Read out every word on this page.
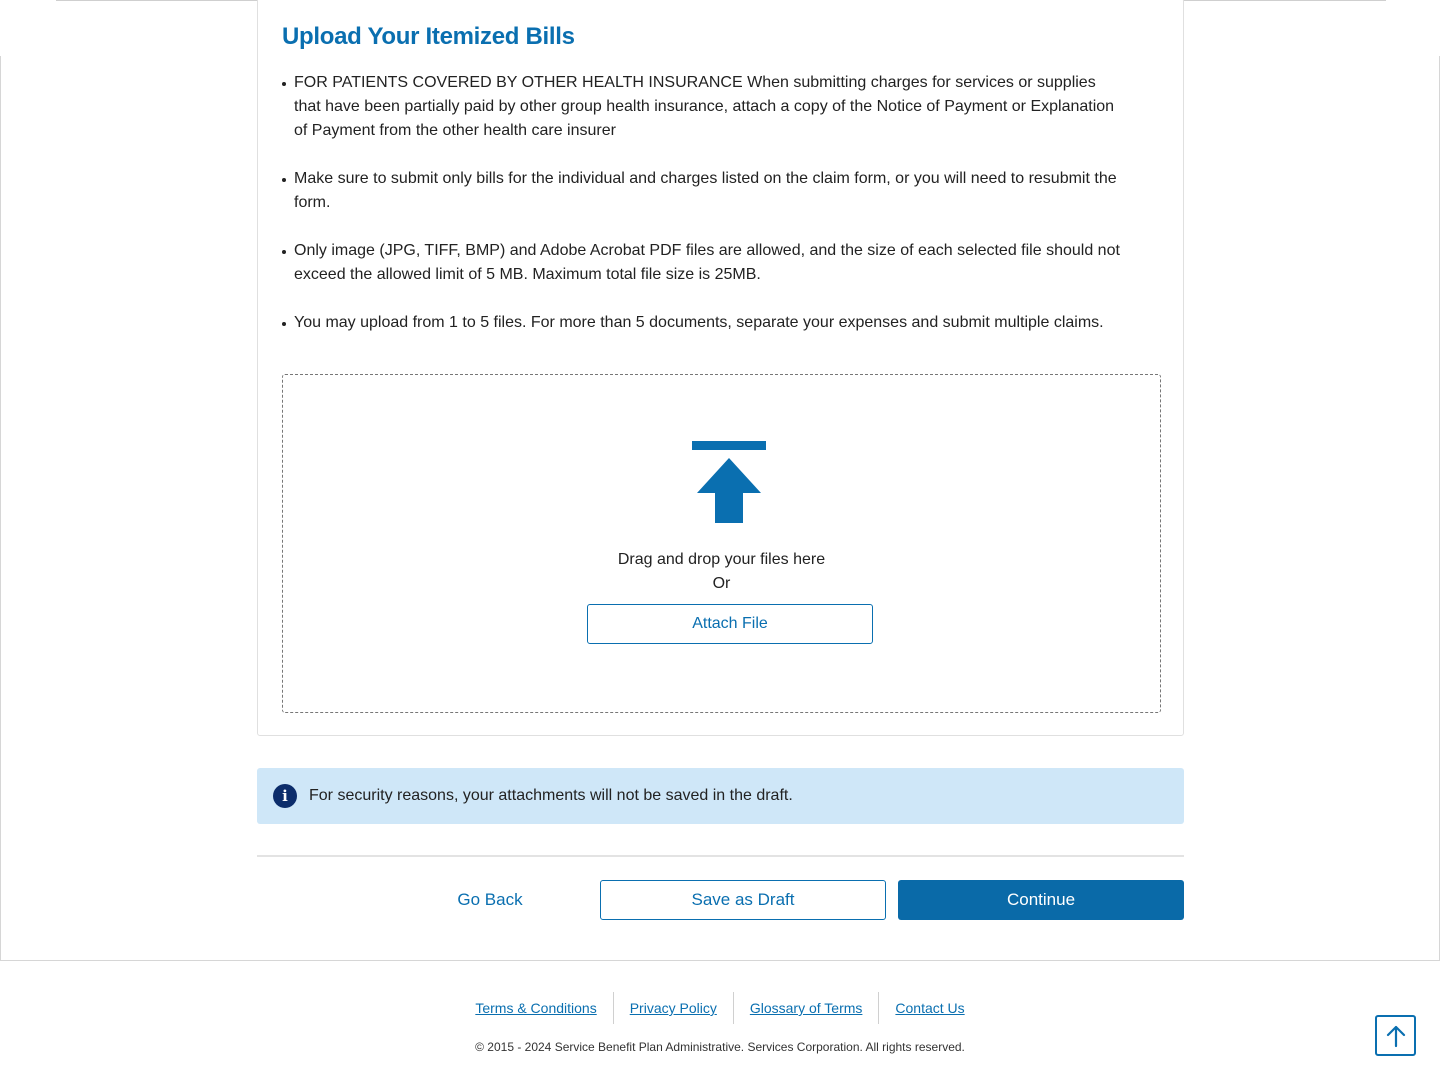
Upload Your Itemized Bills
FOR PATIENTS COVERED BY OTHER HEALTH INSURANCE When submitting charges for services or supplies that have been partially paid by other group health insurance, attach a copy of the Notice of Payment or Explanation of Payment from the other health care insurer
Make sure to submit only bills for the individual and charges listed on the claim form, or you will need to resubmit the form.
Only image (JPG, TIFF, BMP) and Adobe Acrobat PDF files are allowed, and the size of each selected file should not exceed the allowed limit of 5 MB. Maximum total file size is 25MB.
You may upload from 1 to 5 files. For more than 5 documents, separate your expenses and submit multiple claims.
Drag and drop your files here
Or
Attach File
i	For security reasons, your attachments will not be saved in the draft.
Go Back	Save as Draft	Continue
Terms & Conditions	Privacy Policy	Glossary of Terms	Contact Us
© 2015 - 2024 Service Benefit Plan Administrative. Services Corporation. All rights reserved.
